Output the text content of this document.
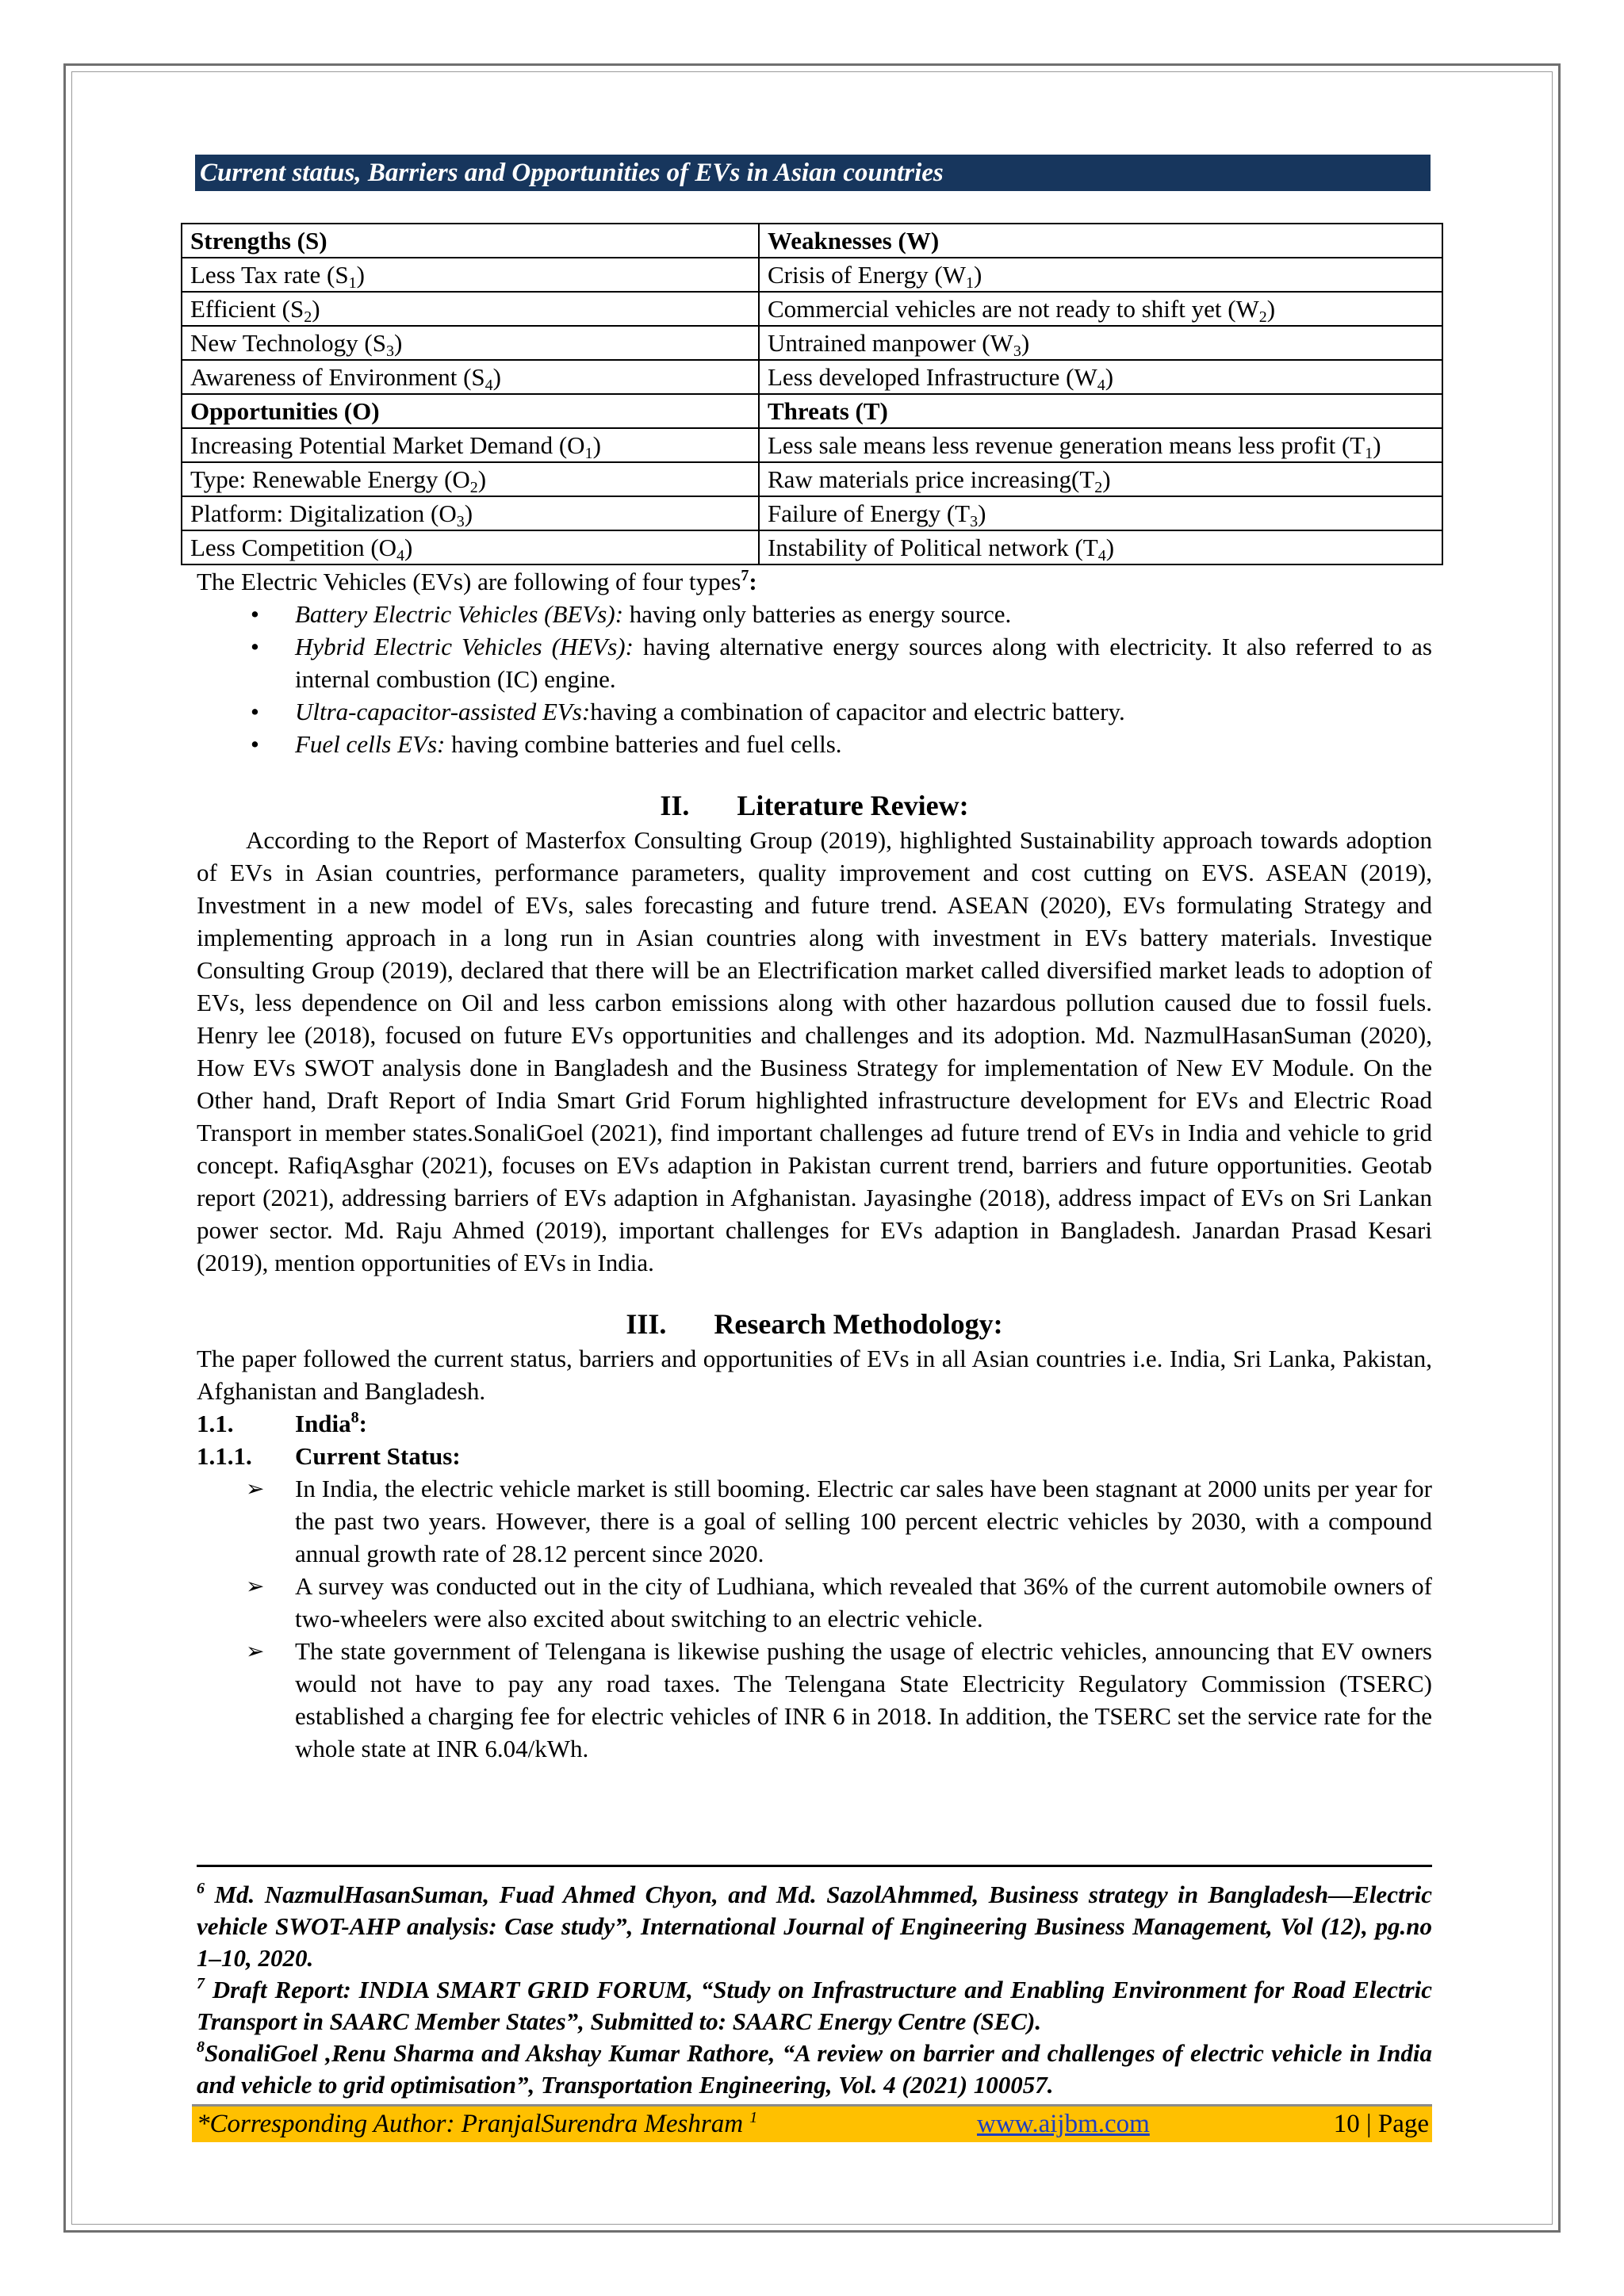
Current status, Barriers and Opportunities of EVs in Asian countries
Strengths (S)	Weaknesses (W)
Less Tax rate $(S_1)$	Crisis of Energy $(W_1)$
Efficient $(S_2)$	Commercial vehicles are not ready to shift yet $(W_2)$
New Technology $(S_3)$	Untrained manpower $(W_3)$
Awareness of Environment $(S_4)$	Less developed Infrastructure $(W_4)$
Opportunities (O)	Threats (T)
Increasing Potential Market Demand $(O_1)$	Less sale means less revenue generation means less profit $(T_1)$
Type: Renewable Energy $(O_2)$	Raw materials price $increasing(T_2)$
Platform: Digitalization $(O_3)$	Failure of Energy $(T_3)$
Less Competition $(O_4)$	Instability of Political network $(T_4)$
The Electric Vehicles (EVs) are following of four types$^7$:
• Battery Electric Vehicles (BEVs): having only batteries as energy source.
• Hybrid Electric Vehicles (HEVs): having alternative energy sources along with electricity. It also referred to as internal combustion (IC) engine.
• Ultra-capacitor-assisted EVs:having a combination of capacitor and electric battery.
• Fuel cells EVs: having combine batteries and fuel cells.
II. Literature Review:
According to the Report of Masterfox Consulting Group (2019), highlighted Sustainability approach towards adoption of EVs in Asian countries, performance parameters, quality improvement and cost cutting on EVS. ASEAN (2019), Investment in a new model of EVs, sales forecasting and future trend. ASEAN (2020), EVs formulating Strategy and implementing approach in a long run in Asian countries along with investment in EVs battery materials. Investique Consulting Group (2019), declared that there will be an Electrification market called diversified market leads to adoption of EVs, less dependence on Oil and less carbon emissions along with other hazardous pollution caused due to fossil fuels. Henry lee (2018), focused on future EVs opportunities and challenges and its adoption. Md. NazmulHasanSuman (2020), How EVs SWOT analysis done in Bangladesh and the Business Strategy for implementation of New EV Module. On the Other hand, Draft Report of India Smart Grid Forum highlighted infrastructure development for EVs and Electric Road Transport in member states.SonaliGoel (2021), find important challenges ad future trend of EVs in India and vehicle to grid concept. RafiqAsghar (2021), focuses on EVs adaption in Pakistan current trend, barriers and future opportunities. Geotab report (2021), addressing barriers of EVs adaption in Afghanistan. Jayasinghe (2018), address impact of EVs on Sri Lankan power sector. Md. Raju Ahmed (2019), important challenges for EVs adaption in Bangladesh. Janardan Prasad Kesari (2019), mention opportunities of EVs in India.
III. Research Methodology:
The paper followed the current status, barriers and opportunities of EVs in all Asian countries i.e. India, Sri Lanka, Pakistan, Afghanistan and Bangladesh.
1.1.	India$^8$:
1.1.1. Current Status:
➢ In India, the electric vehicle market is still booming. Electric car sales have been stagnant at 2000 units per year for the past two years. However, there is a goal of selling 100 percent electric vehicles by 2030, with a compound annual growth rate of 28.12 percent since 2020.
➢ A survey was conducted out in the city of Ludhiana, which revealed that 36% of the current automobile owners of two-wheelers were also excited about switching to an electric vehicle.
➢ The state government of Telengana is likewise pushing the usage of electric vehicles, announcing that EV owners would not have to pay any road taxes. The Telengana State Electricity Regulatory Commission (TSERC) established a charging fee for electric vehicles of INR 6 in 2018. In addition, the TSERC set the service rate for the whole state at INR 6.04/kWh.

$^6$ Md. NazmulHasanSuman, Fuad Ahmed Chyon, and Md. SazolAhmmed, Business strategy in Bangladesh—Electric vehicle SWOT-AHP analysis: Case study”, International Journal of Engineering Business Management, Vol (12), pg.no 1–10, 2020.

$^7$ Draft Report: INDIA SMART GRID FORUM, “Study on Infrastructure and Enabling Environment for Road Electric Transport in SAARC Member States”, Submitted to: SAARC Energy Centre (SEC).

$^8$SonaliGoel ,Renu Sharma and Akshay Kumar Rathore, “A review on barrier and challenges of electric vehicle in India and vehicle to grid optimisation”, Transportation Engineering, Vol. 4 (2021) 100057.

*Corresponding Author: PranjalSurendra Meshram $^1$	www.aijbm.com	10 | Page
